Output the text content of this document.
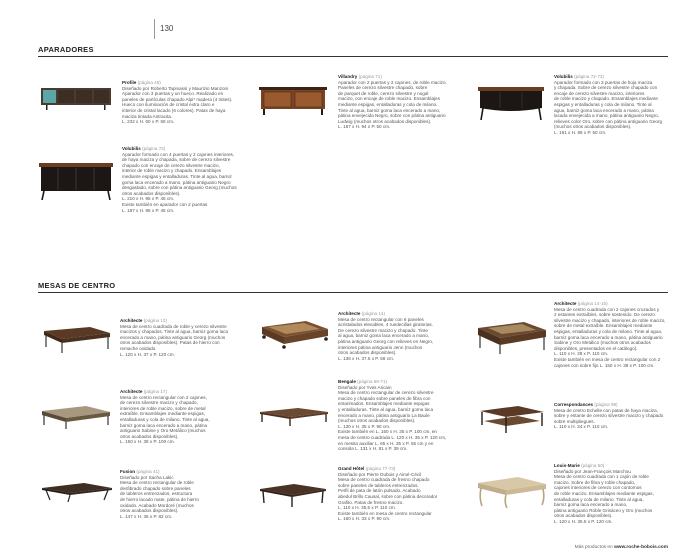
130
APARADORES
MESAS DE CENTRO

Profile (página 46)

Diseñado por Roberto Tapinassi y Maurizio Manzoni

Aparador con 3 puertas y un hueco. Realizado en

paneles de partículas chapado Alpi* madera (4 tintes).

Hueco con iluminación de cristal extra claro e

interior de cristal lacado (6 colores). Patas de haya

maciza tintada Antracita.

L. 232 x H. 60 x P. 55 cm.

Villandry (página 71)

Aparador con 2 puertas y 2 cajones, de roble macizo.

Paneles de cerezo silvestre chapado, sobre

de parquet de roble, cerezo silvestre y nogal

macizo, con encaje de roble macizo. Ensamblajes

mediante espigas, entalladuras y cola de milano.

Tinte al agua, barniz goma laca encerado a mano,

pátina envejecida Negro, sobre con pátina antiguario

Ludwig (muchos otros acabados disponibles).

L. 187 x H. 94 x P. 50 cm.

Volubilis (página 72-73)

Aparador formado con 3 puertas de hoja maciza

y chapada. Sobre de cerezo silvestre chapado con

encaje de cerezo silvestre macizo, interiores

de roble macizo y chapado. Ensamblajes mediante

espigas y entalladuras y cola de milano. Tinte al

agua, barniz goma laca encerado a mano, pátina

lacada envejecida a mano, pátina antiguario Negro,

relieves color Oro, sobre con pátina antiguario Georg

(muchos otros acabados disponibles).

L. 181 x H. 86 x P. 50 cm.

Volubilis (página 72)

Aparador formado con 4 puertas y 2 cajones interiores,

de haya maciza y chapada, sobre de cerezo silvestre

chapado con encaje de cerezo silvestre macizo,

interior de roble macizo y chapado. Ensamblajes

mediante espigas y entalladuras. Tinte al agua, barniz

goma laca encerado a mano, pátina antiguario Negro

desgastado, sobre con pátina antiguario Georg (muchos

otros acabados disponibles).

L. 210 x H. 95 x P. 45 cm.

Existe también en aparador con 2 puertas

L. 187 x H. 95 x P. 45 cm.

Architecte (página 13)

Mesa de centro cuadrada de roble y cerezo silvestre

macizos y chapados. Tinte al agua, barniz goma laca

encerado a mano, pátina antiguario Georg (muchos

otros acabados disponibles). Patas de hierro con

remache oxidado.

L. 120 x H. 37 x P. 120 cm.

Architecte (página 14)

Mesa de centro rectangular con 6 paneles

acristalados elevables, 4 ruedecillas giratorias.

De cerezo silvestre macizo y chapado. Tinte

al agua, barniz goma laca encerado a mano,

pátina antiguario Georg con relieves en Negro,

interiores pátina antiguario Jenn (muchos

otros acabados disponibles).

L. 136 x H. 37.5 x P. 58 cm.

Architecte (página 14-15)

Mesa de centro cuadrada con 2 cajones cruzados y

2 estantes extraíbles, sobre sostenido. De cerezo

silvestre macizo y chapado, interiores de roble macizo,

sobre de metal extraíble. Ensamblajes mediante

espigas, entalladuras y cola de milano. Tinte al agua,

barniz goma laca encerado a mano, pátina antiguario

Sabine y Oro Metálico (muchos otros acabados

disponibles, presentados en el catálogo).

L. 110 x H. 38 x P. 110 cm.

Existe también en mesa de centro rectangular con 2

cajones con sobre fijo L. 150 x H. 38 x P. 100 cm.

Architecte (página 17)

Mesa de centro rectangular con 2 cajones,

de cerezo silvestre macizo y chapado,

interiores de roble macizo, sobre de metal

extraíble. Ensamblajes mediante espigas,

entalladuras y cola de milano. Tinte al agua,

barniz goma laca encerado a mano, pátina

antiguario Sabine y Oro Metálico (muchos

otros acabados disponibles).

L. 150 x H. 38 x P. 100 cm.

Bengale (página 69-71)

Diseñado por Yves Aricain

Mesa de centro rectangular de cerezo silvestre

macizo y chapado sobre paneles de fibra con

entarimados. Ensamblajes mediante espigas

y entalladuras. Tinte al agua, barniz goma laca

encerado a mano, pátina antiguario La Baule

(muchos otros acabados disponibles).

L. 130 x H. 35 x P. 90 cm.

Existe también en L. 160 x H. 35 x P. 100 cm, en

mesa de centro cuadrada L. 120 x H. 35 x P. 120 cm,

en mesita auxiliar L. 65 x H. 35 x P. 65 cm y en

consola L. 131 x H. 81 x P. 39 cm.

Correspondances (página 98)

Mesa de centro Echelle con patas de haya maciza,

sobre y estante de cerezo silvestre macizo y chapado

sobre multipliegues.

L. 110 x H. 34 x P. 110 cm.

Fusion (página 41)

Diseñado por Sacha Lakic

Mesa de centro rectangular de roble

desfibrado chapado sobre paneles

de tableros entrenzados, estructura

de hierro lacado mate, pátina de hierro

oxidado. Acabado Mordoré (muchos

otros acabados disponibles).

L. 147 x H. 36 x P. 82 cm.

Grand Hôtel (página 77-73)

Diseñado por Pierre Dubois y Aimé-Cécil

Mesa de centro cuadrada de fresno chapado

sobre paneles de tableros entrenzados.

Perfil de pata de latón pulsado. Acabado

abedul Brillo Causal, sobre con pátina decorador

Grafito. Patas de fresno macizo.

L. 110 x H. 35.5 x P. 110 cm.

Existe también en mesa de centro rectangular

L. 160 x H. 33 x P. 90 cm.

Louis-Marie (página 50)

Diseñado por Jean-François Marchou

Mesa de centro cuadrada con 1 cajón de roble

macizo. Sobre de fibra y roble chapado,

cajones interiores de cerezo con contornos

de roble macizo. Ensamblajes mediante espigas,

entalladuras y cola de milano. Tinte al agua,

barniz goma laca encerado a mano,

pátina antiguario Roble Grisáceo y Oro (muchos

otros acabados disponibles).

L. 120 x H. 36.5 x P. 120 cm.

Más productos en www.roche-bobois.com
